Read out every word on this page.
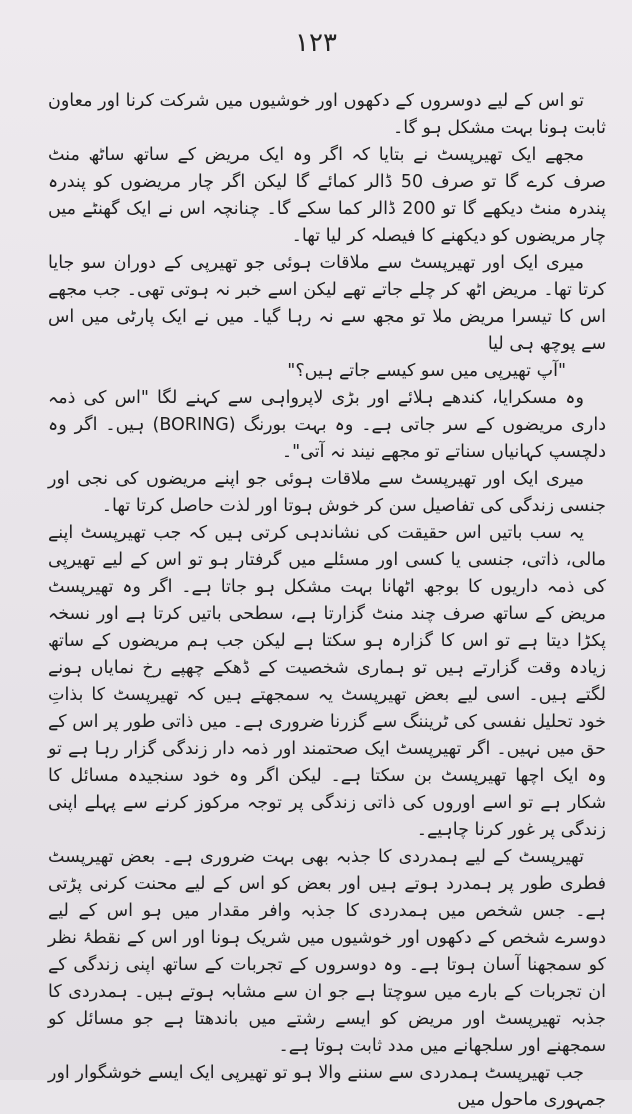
۱۲۳

تو اس کے لیے دوسروں کے دکھوں اور خوشیوں میں شرکت کرنا اور معاون ثابت ہونا بہت مشکل ہو گا۔

مجھے ایک تھیرپسٹ نے بتایا کہ اگر وہ ایک مریض کے ساتھ ساٹھ منٹ صرف کرے گا تو صرف 50 ڈالر کمائے گا لیکن اگر چار مریضوں کو پندرہ پندرہ منٹ دیکھے گا تو 200 ڈالر کما سکے گا۔ چنانچہ اس نے ایک گھنٹے میں چار مریضوں کو دیکھنے کا فیصلہ کر لیا تھا۔

میری ایک اور تھیرپسٹ سے ملاقات ہوئی جو تھیرپی کے دوران سو جایا کرتا تھا۔ مریض اٹھ کر چلے جاتے تھے لیکن اسے خبر نہ ہوتی تھی۔ جب مجھے اس کا تیسرا مریض ملا تو مجھ سے نہ رہا گیا۔ میں نے ایک پارٹی میں اس سے پوچھ ہی لیا

"آپ تھیرپی میں سو کیسے جاتے ہیں؟"

وہ مسکرایا، کندھے ہلائے اور بڑی لاپرواہی سے کہنے لگا "اس کی ذمہ داری مریضوں کے سر جاتی ہے۔ وہ بہت بورنگ (BORING) ہیں۔ اگر وہ دلچسپ کہانیاں سناتے تو مجھے نیند نہ آتی"۔

میری ایک اور تھیرپسٹ سے ملاقات ہوئی جو اپنے مریضوں کی نجی اور جنسی زندگی کی تفاصیل سن کر خوش ہوتا اور لذت حاصل کرتا تھا۔

یہ سب باتیں اس حقیقت کی نشاندہی کرتی ہیں کہ جب تھیرپسٹ اپنے مالی، ذاتی، جنسی یا کسی اور مسئلے میں گرفتار ہو تو اس کے لیے تھیرپی کی ذمہ داریوں کا بوجھ اٹھانا بہت مشکل ہو جاتا ہے۔ اگر وہ تھیرپسٹ مریض کے ساتھ صرف چند منٹ گزارتا ہے، سطحی باتیں کرتا ہے اور نسخہ پکڑا دیتا ہے تو اس کا گزارہ ہو سکتا ہے لیکن جب ہم مریضوں کے ساتھ زیادہ وقت گزارتے ہیں تو ہماری شخصیت کے ڈھکے چھپے رخ نمایاں ہونے لگتے ہیں۔ اسی لیے بعض تھیرپسٹ یہ سمجھتے ہیں کہ تھیرپسٹ کا بذاتِ خود تحلیل نفسی کی ٹریننگ سے گزرنا ضروری ہے۔ میں ذاتی طور پر اس کے حق میں نہیں۔ اگر تھیرپسٹ ایک صحتمند اور ذمہ دار زندگی گزار رہا ہے تو وہ ایک اچھا تھیرپسٹ بن سکتا ہے۔ لیکن اگر وہ خود سنجیدہ مسائل کا شکار ہے تو اسے اوروں کی ذاتی زندگی پر توجہ مرکوز کرنے سے پہلے اپنی زندگی پر غور کرنا چاہیے۔

تھیرپسٹ کے لیے ہمدردی کا جذبہ بھی بہت ضروری ہے۔ بعض تھیرپسٹ فطری طور پر ہمدرد ہوتے ہیں اور بعض کو اس کے لیے محنت کرنی پڑتی ہے۔ جس شخص میں ہمدردی کا جذبہ وافر مقدار میں ہو اس کے لیے دوسرے شخص کے دکھوں اور خوشیوں میں شریک ہونا اور اس کے نقطۂ نظر کو سمجھنا آسان ہوتا ہے۔ وہ دوسروں کے تجربات کے ساتھ اپنی زندگی کے ان تجربات کے بارے میں سوچتا ہے جو ان سے مشابہ ہوتے ہیں۔ ہمدردی کا جذبہ تھیرپسٹ اور مریض کو ایسے رشتے میں باندھتا ہے جو مسائل کو سمجھنے اور سلجھانے میں مدد ثابت ہوتا ہے۔

جب تھیرپسٹ ہمدردی سے سننے والا ہو تو تھیرپی ایک ایسے خوشگوار اور جمہوری ماحول میں
